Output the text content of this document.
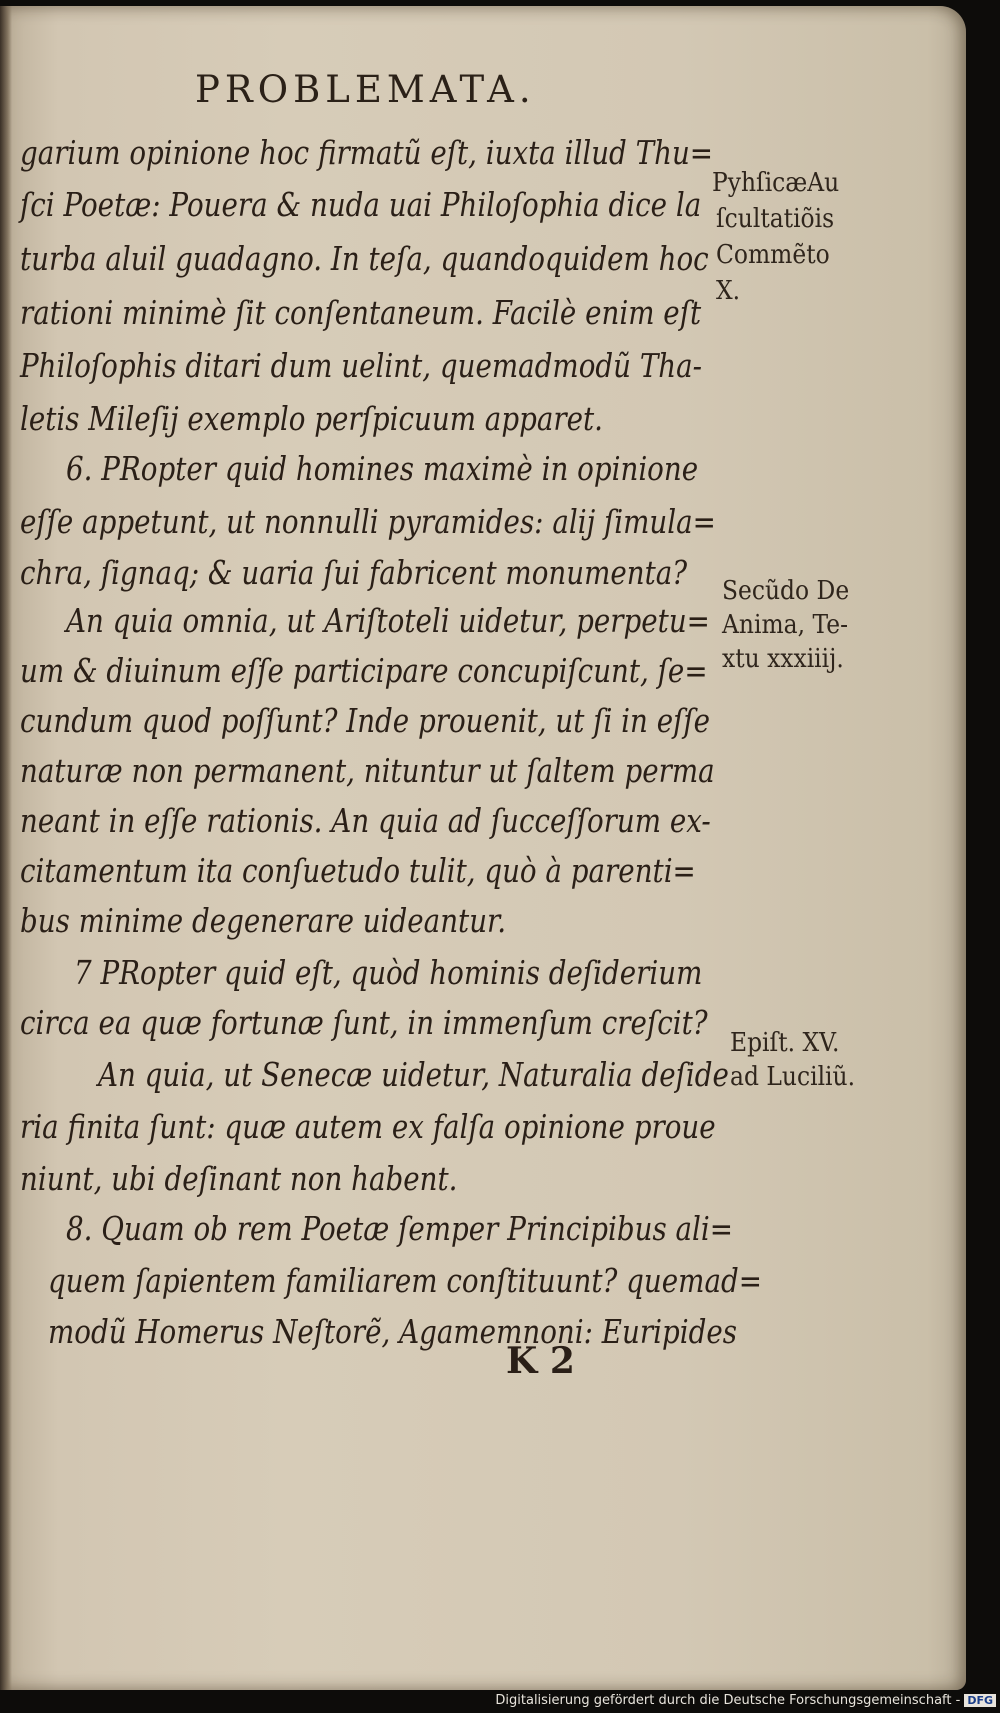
PROBLEMATA.
garium opinione hoc firmatũ eſt, iuxta illud Thu=
ſci Poetæ: Pouera & nuda uai Philoſophia dice la
turba aluil guadagno. In teſa, quandoquidem hoc
rationi minimè ſit conſentaneum. Facilè enim eſt
Philoſophis ditari dum uelint, quemadmodũ Tha-
letis Mileſij exemplo perſpicuum apparet.
6. PRopter quid homines maximè in opinione
eſſe appetunt, ut nonnulli pyramides: alij ſimula=
chra, ſignaq; & uaria ſui fabricent monumenta?
An quia omnia, ut Ariſtoteli uidetur, perpetu=
um & diuinum eſſe participare concupiſcunt, ſe=
cundum quod poſſunt? Inde prouenit, ut ſi in eſſe
naturæ non permanent, nituntur ut ſaltem perma
neant in eſſe rationis. An quia ad ſucceſſorum ex-
citamentum ita conſuetudo tulit, quò à parenti=
bus minime degenerare uideantur.
7 PRopter quid eſt, quòd hominis deſiderium
circa ea quæ fortunæ ſunt, in immenſum creſcit?
An quia, ut Senecæ uidetur, Naturalia deſide
ria finita ſunt: quæ autem ex falſa opinione proue
niunt, ubi deſinant non habent.
8. Quam ob rem Poetæ ſemper Principibus ali=
quem ſapientem familiarem conſtituunt? quemad=
modũ Homerus Neſtorẽ, Agamemnoni: Euripides
PyhſicæAu
ſcultatiõis
Commẽto
X.
Secũdo De
Anima, Te-
xtu xxxiiij.
Epiſt. XV.
ad Luciliũ.
K 2
Digitalisierung gefördert durch die Deutsche Forschungsgemeinschaft - DFG
